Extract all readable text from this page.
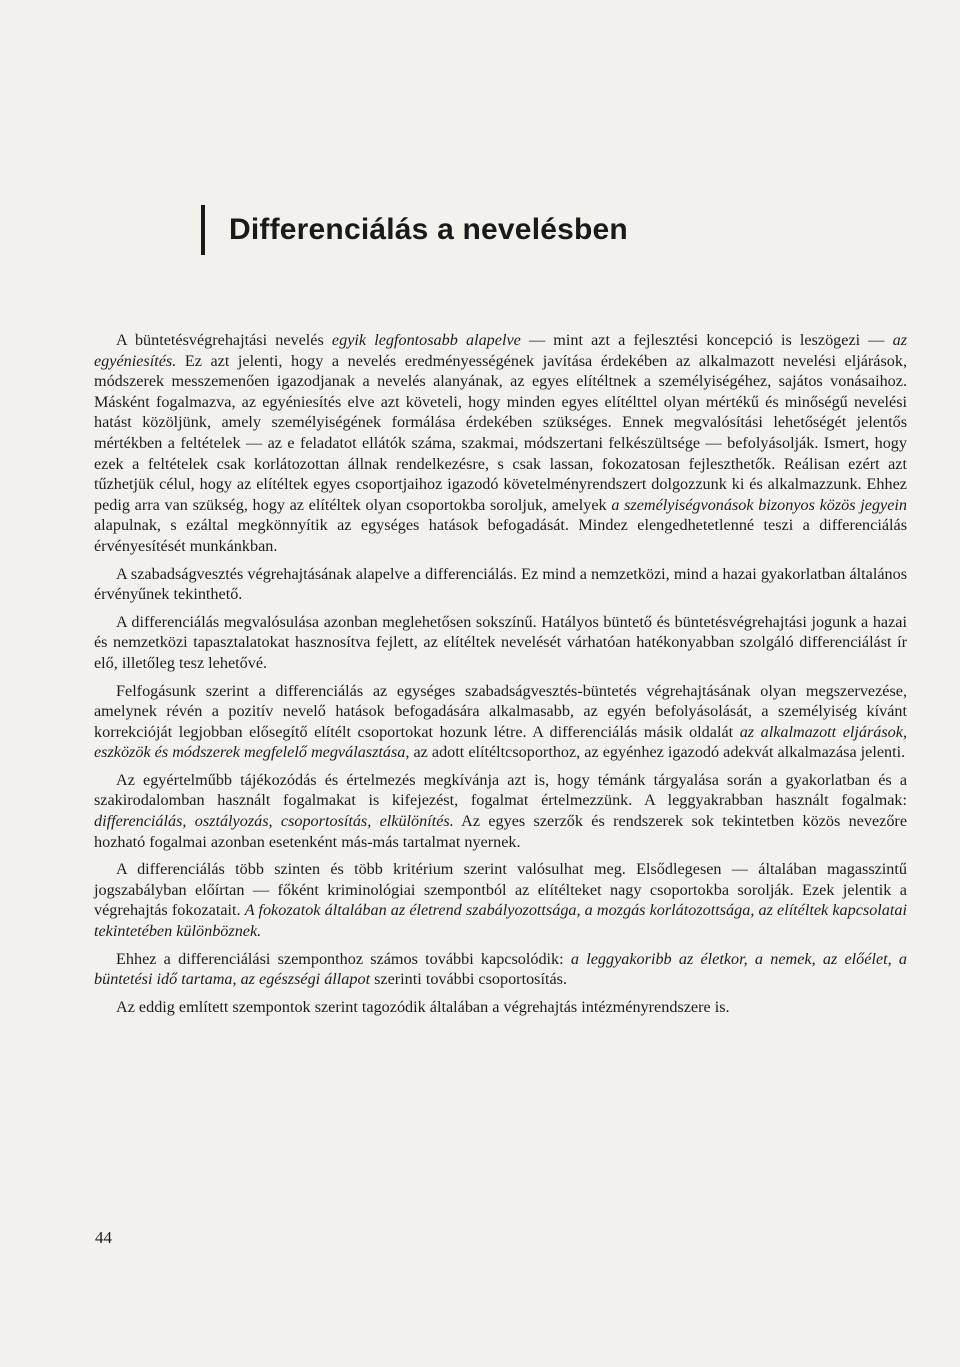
Differenciálás a nevelésben

A büntetésvégrehajtási nevelés egyik legfontosabb alapelve — mint azt a fejlesztési koncepció is leszögezi — az egyéniesítés. Ez azt jelenti, hogy a nevelés eredményességének javítása érdekében az alkalmazott nevelési eljárások, módszerek messzemenően igazodjanak a nevelés alanyának, az egyes elítéltnek a személyiségéhez, sajátos vonásaihoz. Másként fogalmazva, az egyéniesítés elve azt követeli, hogy minden egyes elítélttel olyan mértékű és minőségű nevelési hatást közöljünk, amely személyiségének formálása érdekében szükséges. Ennek megvalósítási lehetőségét jelentős mértékben a feltételek — az e feladatot ellátók száma, szakmai, módszertani felkészültsége — befolyásolják. Ismert, hogy ezek a feltételek csak korlátozottan állnak rendelkezésre, s csak lassan, fokozatosan fejleszthetők. Reálisan ezért azt tűzhetjük célul, hogy az elítéltek egyes csoportjaihoz igazodó követelményrendszert dolgozzunk ki és alkalmazzunk. Ehhez pedig arra van szükség, hogy az elítéltek olyan csoportokba soroljuk, amelyek a személyiségvonások bizonyos közös jegyein alapulnak, s ezáltal megkönnyítik az egységes hatások befogadását. Mindez elengedhetetlenné teszi a differenciálás érvényesítését munkánkban.

A szabadságvesztés végrehajtásának alapelve a differenciálás. Ez mind a nemzetközi, mind a hazai gyakorlatban általános érvényűnek tekinthető.

A differenciálás megvalósulása azonban meglehetősen sokszínű. Hatályos büntető és büntetésvégrehajtási jogunk a hazai és nemzetközi tapasztalatokat hasznosítva fejlett, az elítéltek nevelését várhatóan hatékonyabban szolgáló differenciálást ír elő, illetőleg tesz lehetővé.

Felfogásunk szerint a differenciálás az egységes szabadságvesztés-büntetés végrehajtásának olyan megszervezése, amelynek révén a pozitív nevelő hatások befogadására alkalmasabb, az egyén befolyásolását, a személyiség kívánt korrekcióját legjobban elősegítő elítélt csoportokat hozunk létre. A differenciálás másik oldalát az alkalmazott eljárások, eszközök és módszerek megfelelő megválasztása, az adott elítéltcsoporthoz, az egyénhez igazodó adekvát alkalmazása jelenti.

Az egyértelműbb tájékozódás és értelmezés megkívánja azt is, hogy témánk tárgyalása során a gyakorlatban és a szakirodalomban használt fogalmakat is kifejezést, fogalmat értelmezzünk. A leggyakrabban használt fogalmak: differenciálás, osztályozás, csoportosítás, elkülönítés. Az egyes szerzők és rendszerek sok tekintetben közös nevezőre hozható fogalmai azonban esetenként más-más tartalmat nyernek.

A differenciálás több szinten és több kritérium szerint valósulhat meg. Elsődlegesen — általában magasszintű jogszabályban előírtan — főként kriminológiai szempontból az elítélteket nagy csoportokba sorolják. Ezek jelentik a végrehajtás fokozatait. A fokozatok általában az életrend szabályozottsága, a mozgás korlátozottsága, az elítéltek kapcsolatai tekintetében különböznek.

Ehhez a differenciálási szemponthoz számos további kapcsolódik: a leggyakoribb az életkor, a nemek, az előélet, a büntetési idő tartama, az egészségi állapot szerinti további csoportosítás.

Az eddig említett szempontok szerint tagozódik általában a végrehajtás intézményrendszere is.

44
